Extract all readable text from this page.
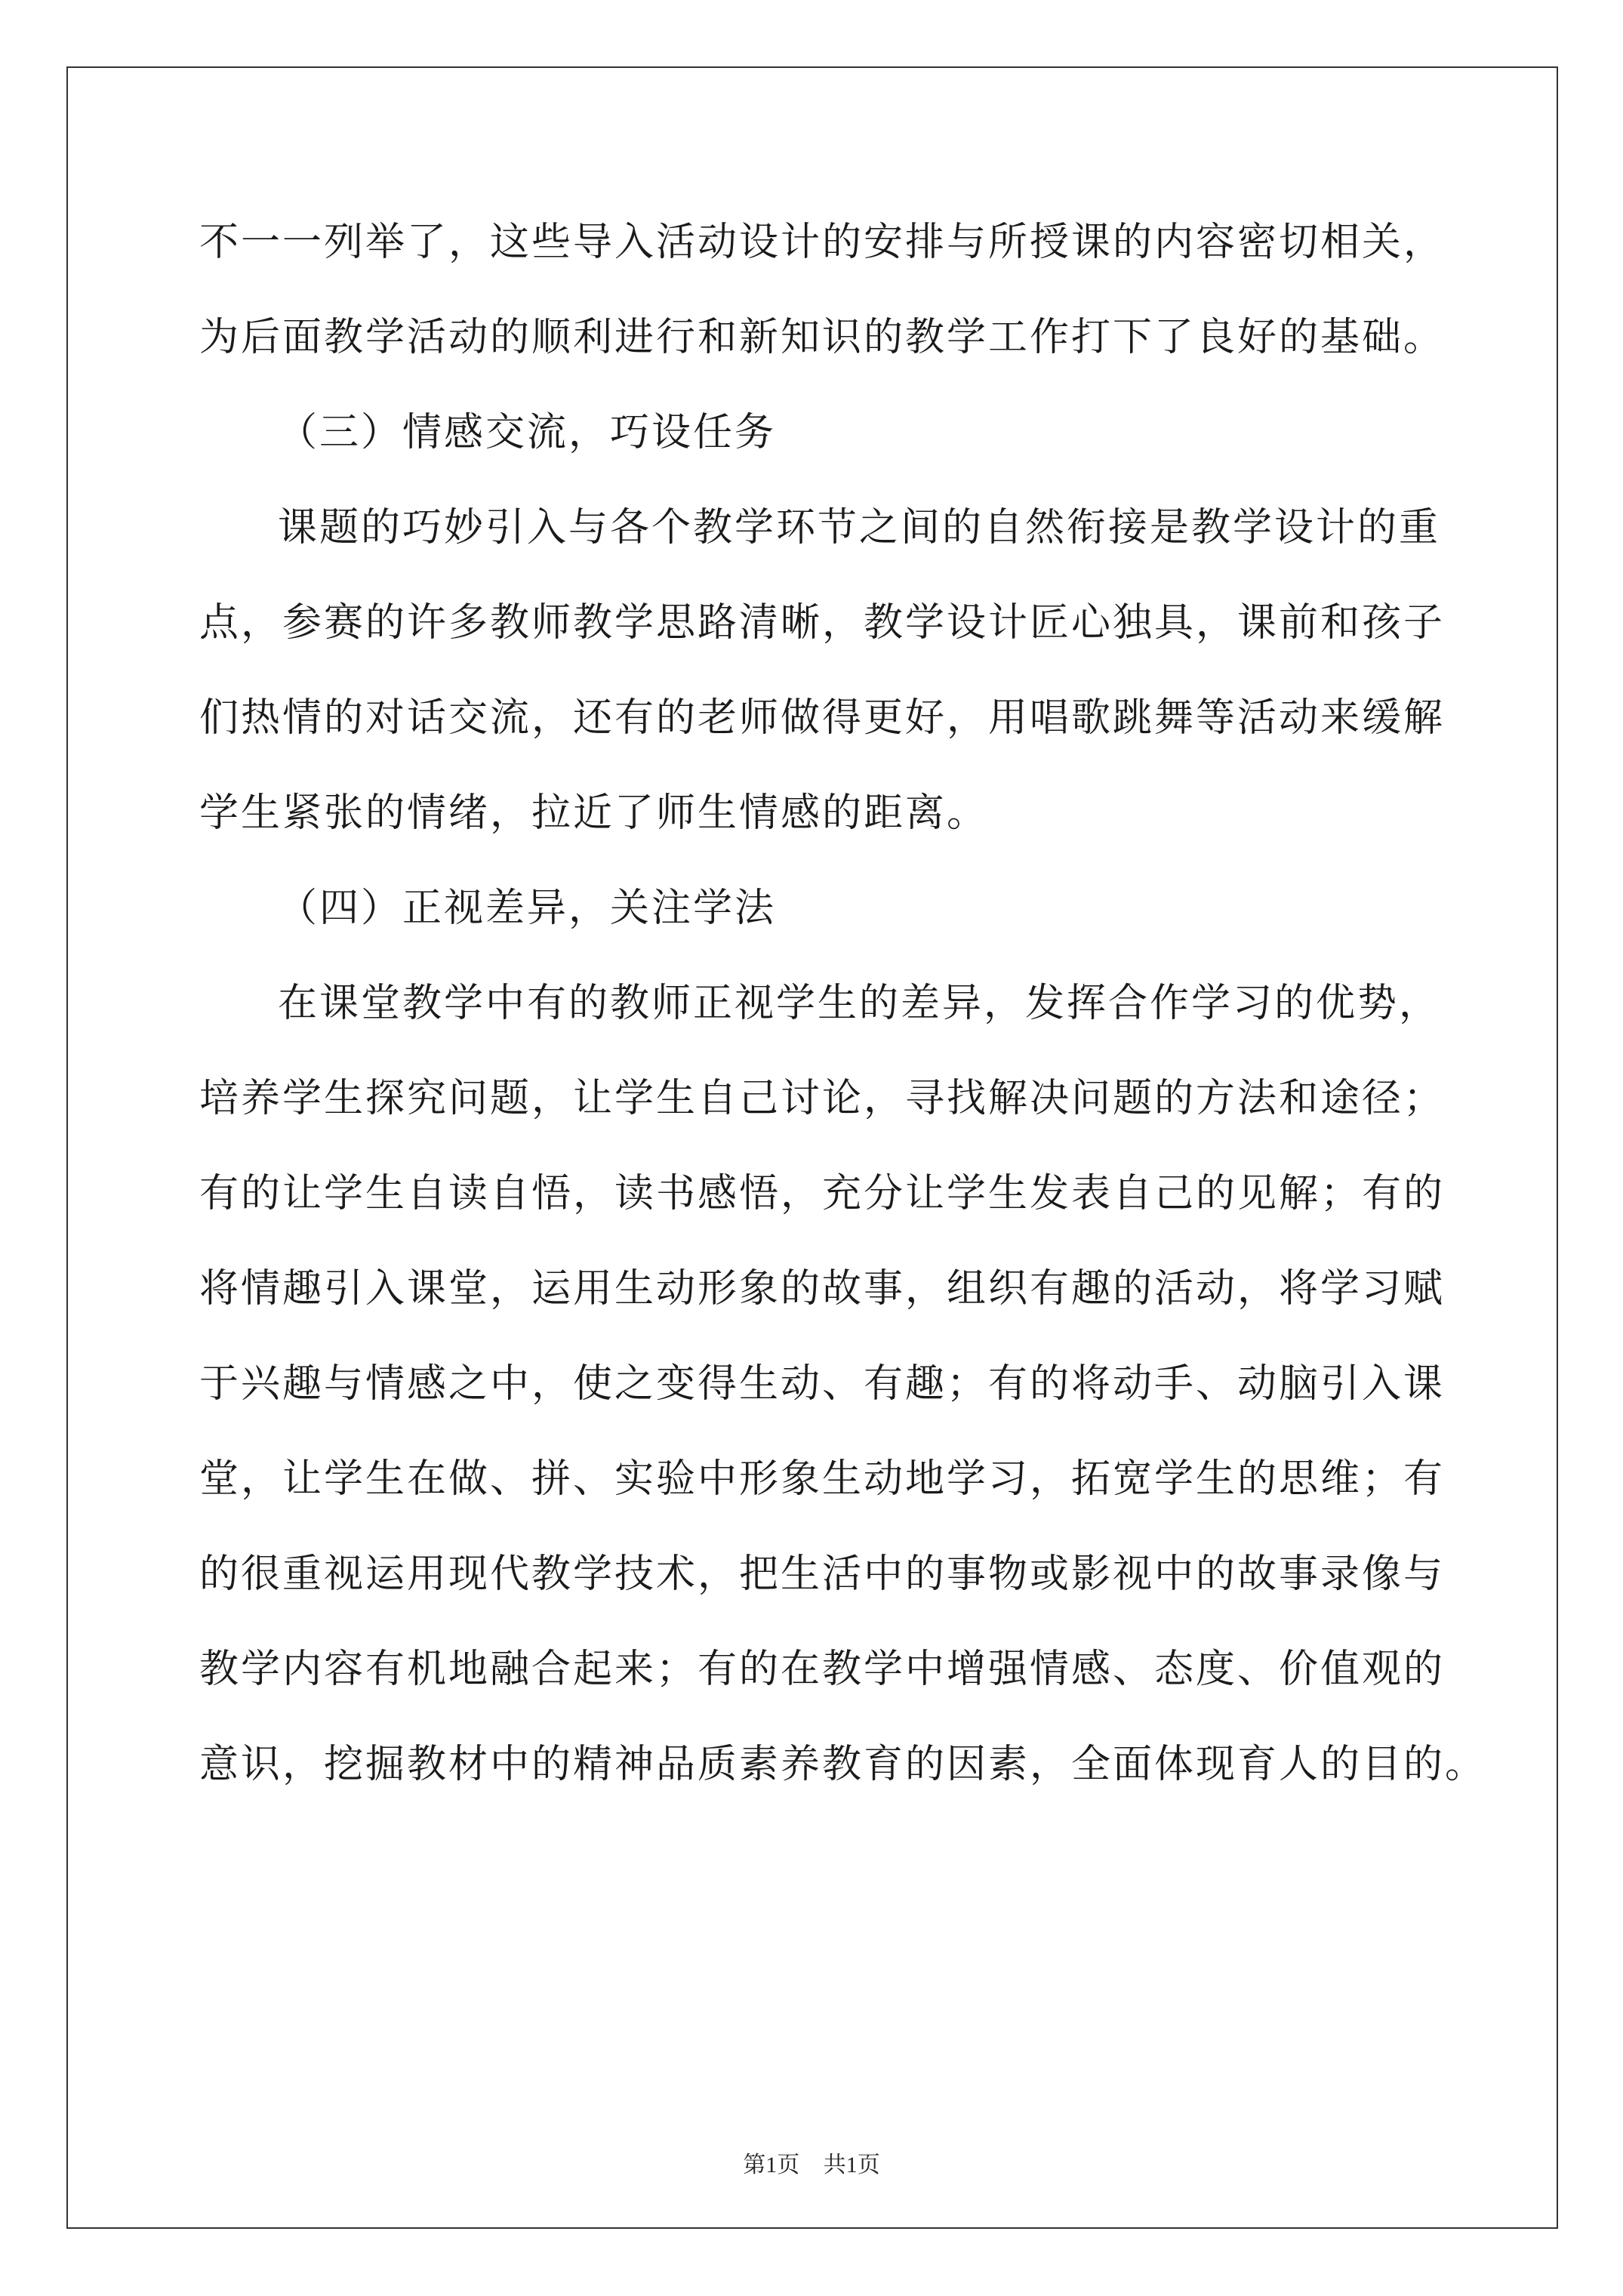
不一一列举了，这些导入活动设计的安排与所授课的内容密切相关，
为后面教学活动的顺利进行和新知识的教学工作打下了良好的基础。
（三）情感交流，巧设任务
课题的巧妙引入与各个教学环节之间的自然衔接是教学设计的重
点，参赛的许多教师教学思路清晰，教学设计匠心独具，课前和孩子
们热情的对话交流，还有的老师做得更好，用唱歌跳舞等活动来缓解
学生紧张的情绪，拉近了师生情感的距离。
（四）正视差异，关注学法
在课堂教学中有的教师正视学生的差异，发挥合作学习的优势，
培养学生探究问题，让学生自己讨论，寻找解决问题的方法和途径；
有的让学生自读自悟，读书感悟，充分让学生发表自己的见解；有的
将情趣引入课堂，运用生动形象的故事，组织有趣的活动，将学习赋
于兴趣与情感之中，使之变得生动、有趣；有的将动手、动脑引入课
堂，让学生在做、拼、实验中形象生动地学习，拓宽学生的思维；有
的很重视运用现代教学技术，把生活中的事物或影视中的故事录像与
教学内容有机地融合起来；有的在教学中增强情感、态度、价值观的
意识，挖掘教材中的精神品质素养教育的因素，全面体现育人的目的。
第1页 共1页
